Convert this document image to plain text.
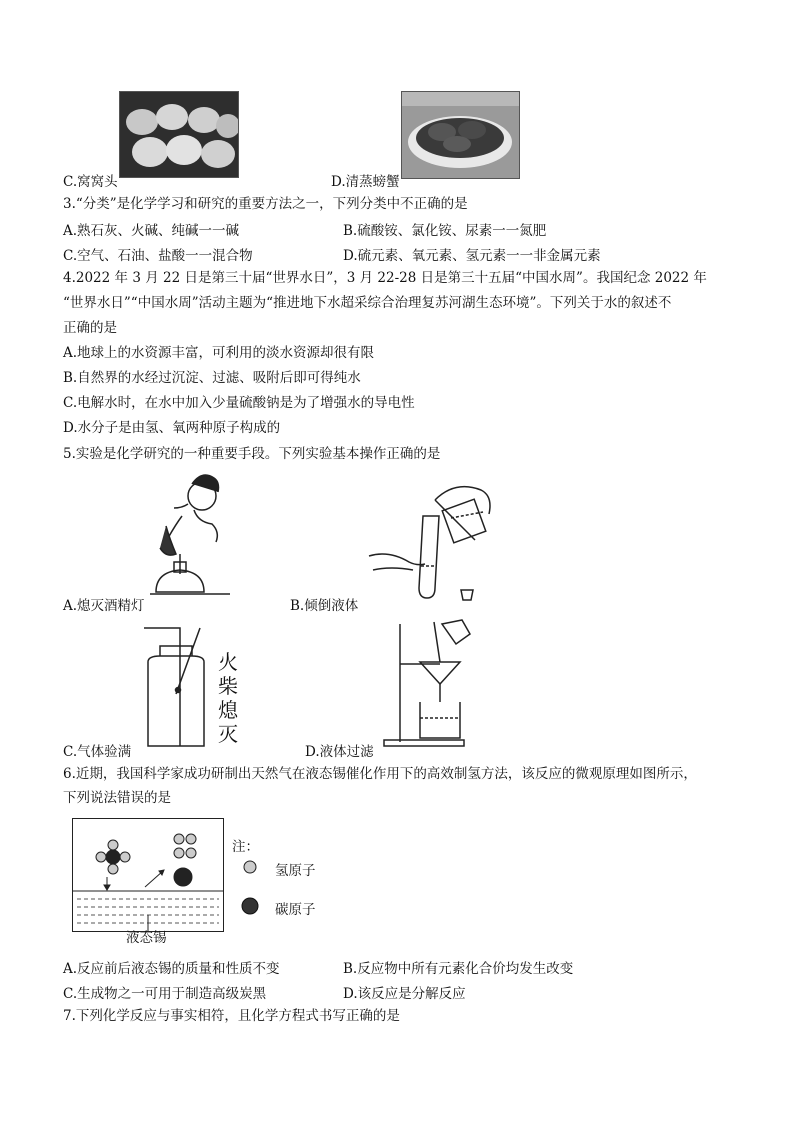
C.窝窝头	D.清蒸螃蟹
3.“分类”是化学学习和研究的重要方法之一，下列分类中不正确的是
A.熟石灰、火碱、纯碱一一碱	B.硫酸铵、氯化铵、尿素一一氮肥
C.空气、石油、盐酸一一混合物	D.硫元素、氧元素、氢元素一一非金属元素
4.2022 年 3 月 22 日是第三十届“世界水日”，3 月 22-28 日是第三十五届“中国水周”。我国纪念 2022 年
“世界水日”“中国水周”活动主题为“推进地下水超采综合治理复苏河湖生态环境”。下列关于水的叙述不
正确的是
A.地球上的水资源丰富，可利用的淡水资源却很有限
B.自然界的水经过沉淀、过滤、吸附后即可得纯水
C.电解水时，在水中加入少量硫酸钠是为了增强水的导电性
D.水分子是由氢、氧两种原子构成的
5.实验是化学研究的一种重要手段。下列实验基本操作正确的是
A.熄灭酒精灯	B.倾倒液体
火
柴
熄
灭
C.气体验满	D.液体过滤
6.近期，我国科学家成功研制出天然气在液态锡催化作用下的高效制氢方法，该反应的微观原理如图所示，
下列说法错误的是
液态锡
注：
氢原子
碳原子
A.反应前后液态锡的质量和性质不变	B.反应物中所有元素化合价均发生改变
C.生成物之一可用于制造高级炭黑	D.该反应是分解反应
7.下列化学反应与事实相符，且化学方程式书写正确的是
